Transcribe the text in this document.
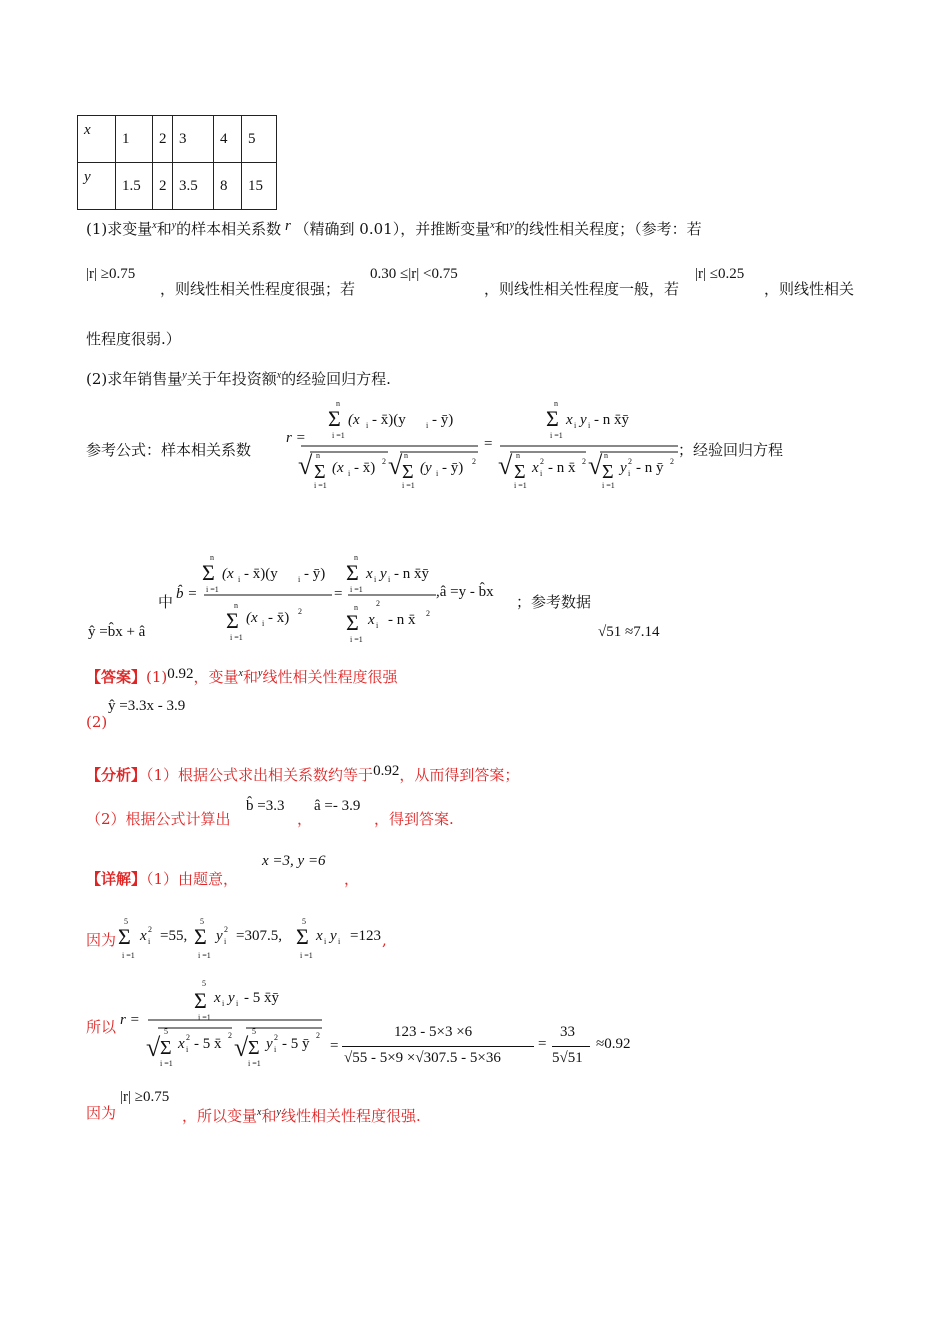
x	1	2	3	4	5
y	1.5	2	3.5	8	15
(1)求变量$^x$和$^y$的样本相关系数 r （精确到 0.01），并推断变量$^x$和$^y$的线性相关程度；（参考：若
|r| ≥0.75
，则线性相关性程度很强；若
0.30 ≤|r| <0.75
，则线性相关性程度一般，若
|r| ≤0.25
，则线性相关
性程度很弱.）
(2)求年销售量$^y$关于年投资额$^x$的经验回归方程.
参考公式：样本相关系数
r =
n
Σ
i =1
(x i - x̄)(y	i - ȳ)
√ Σ
n
i =1
(x i - x̄) 2 √ Σ
n
i =1
(y i - ȳ) 2
=
n
Σ
i =1
x i y i - n x̄ȳ
√ Σ
n
i =1
x i
2 - n x̄ 2 √ Σ
n
i =1
y i
2 - n ȳ 2
；经验回归方程
中 b̂ =
n
Σ
i =1
(x i - x̄)(y	i - ȳ)
n
Σ
i =1
(x i - x̄) 2
=
n
Σ
i =1
x i y i - n x̄ȳ
n
Σ
i =1
x i
2
- n x̄ 2
,â =y - b̂x
；参考数据
ŷ =b̂x + â	√51 ≈7.14
【答案】(1)0.92，变量$^x$和$^y$线性相关性程度很强
(2)
ŷ =3.3x - 3.9
【分析】（1）根据公式求出相关系数约等于0.92，从而得到答案；
（2）根据公式计算出
b̂ =3.3
，
â =- 3.9
，得到答案.
【详解】（1）由题意，
x =3, y =6
，
因为
5
Σ
i =1
x i
2 =55,
5
Σ
i =1
y i
2 =307.5,
5
Σ
i =1
x i y i =123 ,
所以 r =
5
Σ
i =1
x i y i - 5 x̄ȳ
√
5
Σ
i =1
x i
2 - 5 x̄
2 √
5
Σ
i =1
y i
2 - 5 ȳ
2
=
123 - 5×3 ×6
√55 - 5×9 ×√307.5 - 5×36
=
33
5√51
≈0.92
因为
|r| ≥0.75
，所以变量$^x$和$^y$线性相关性程度很强.
